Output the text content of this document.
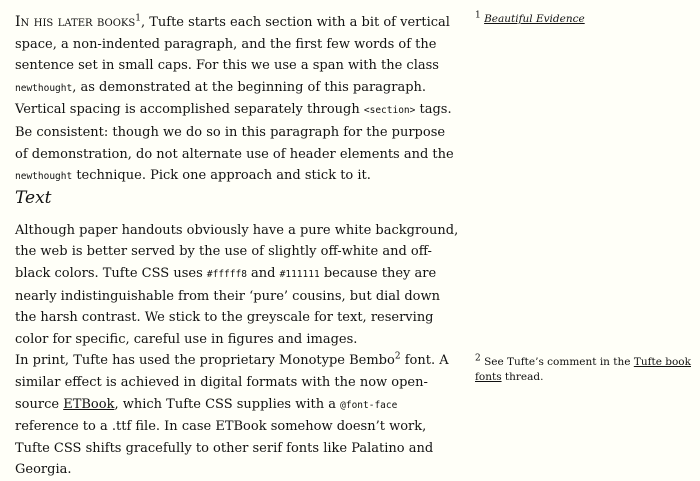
In his later books$^1$, Tufte starts each section with a bit of vertical space, a non-indented paragraph, and the first few words of the sentence set in small caps. For this we use a span with the class newthought, as demonstrated at the beginning of this paragraph. Vertical spacing is accomplished separately through <section> tags. Be consistent: though we do so in this paragraph for the purpose of demonstration, do not alternate use of header elements and the newthought technique. Pick one approach and stick to it.

Text

Although paper handouts obviously have a pure white background, the web is better served by the use of slightly off-white and off-black colors. Tufte CSS uses #fffff8 and #111111 because they are nearly indistinguishable from their ‘pure’ cousins, but dial down the harsh contrast. We stick to the greyscale for text, reserving color for specific, careful use in figures and images.

In print, Tufte has used the proprietary Monotype Bembo$^2$ font. A similar effect is achieved in digital formats with the now open-source ETBook, which Tufte CSS supplies with a @font-face reference to a .ttf file. In case ETBook somehow doesn’t work, Tufte CSS shifts gracefully to other serif fonts like Palatino and Georgia.

$^1$ Beautiful Evidence
$^2$ See Tufte’s comment in the Tufte book fonts thread.
